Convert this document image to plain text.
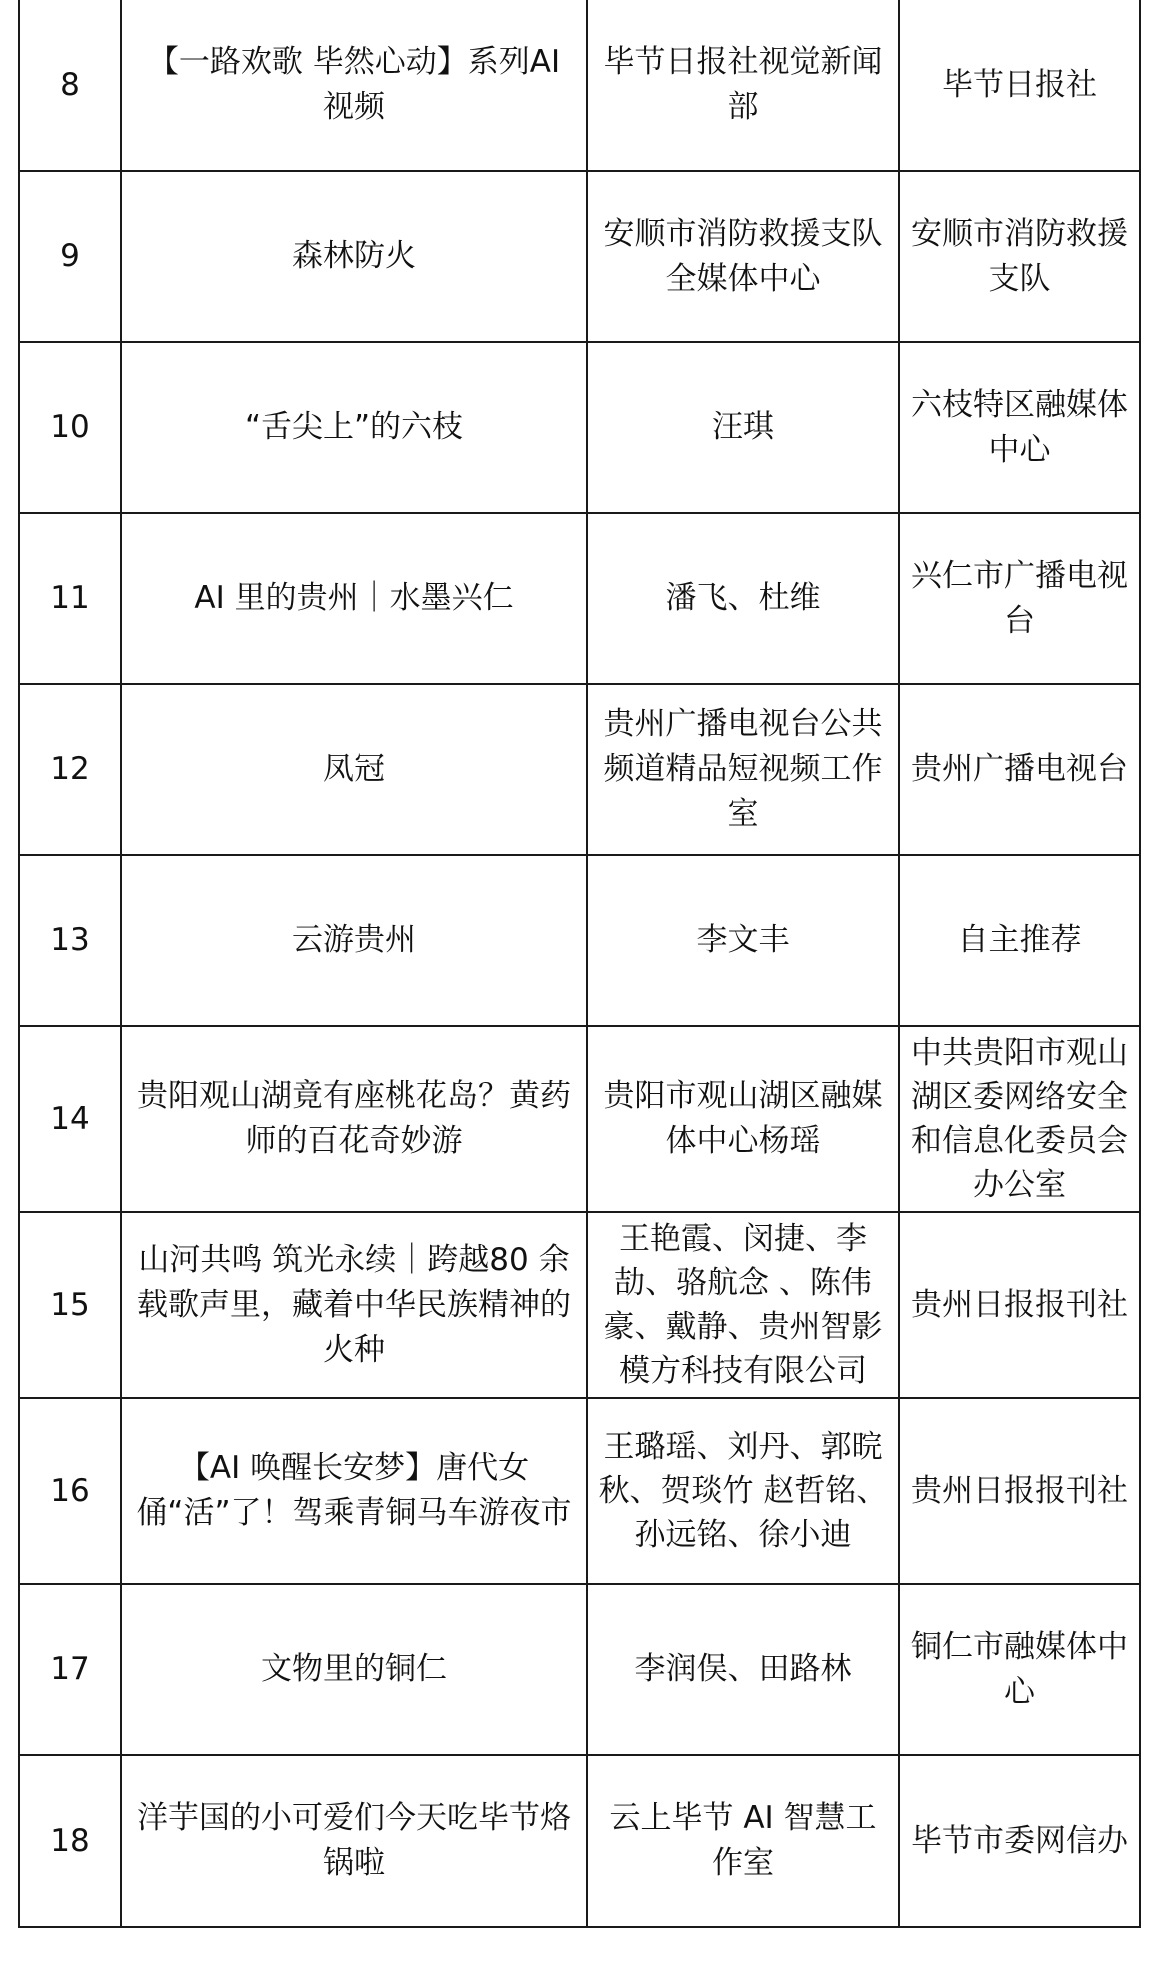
8	【一路欢歌 毕然心动】系列AI 视频	毕节日报社视觉新闻部	毕节日报社
9	森林防火	安顺市消防救援支队全媒体中心	安顺市消防救援支队
10	“舌尖上”的六枝	汪琪	六枝特区融媒体中心
11	AI 里的贵州｜水墨兴仁	潘飞、杜维	兴仁市广播电视台
12	凤冠	贵州广播电视台公共频道精品短视频工作室	贵州广播电视台
13	云游贵州	李文丰	自主推荐
14	贵阳观山湖竟有座桃花岛？黄药师的百花奇妙游	贵阳市观山湖区融媒体中心杨瑶	中共贵阳市观山湖区委网络安全和信息化委员会办公室
15	山河共鸣 筑光永续｜跨越80 余载歌声里，藏着中华民族精神的火种	王艳霞、闵捷、李劼、骆航念 、陈伟豪、戴静、贵州智影模方科技有限公司	贵州日报报刊社
16	【AI 唤醒长安梦】唐代女俑“活”了！驾乘青铜马车游夜市	王璐瑶、刘丹、郭晥秋、贺琰竹 赵哲铭、孙远铭、徐小迪	贵州日报报刊社
17	文物里的铜仁	李润俣、田路林	铜仁市融媒体中心
18	洋芋国的小可爱们今天吃毕节烙锅啦	云上毕节 AI 智慧工作室	毕节市委网信办
